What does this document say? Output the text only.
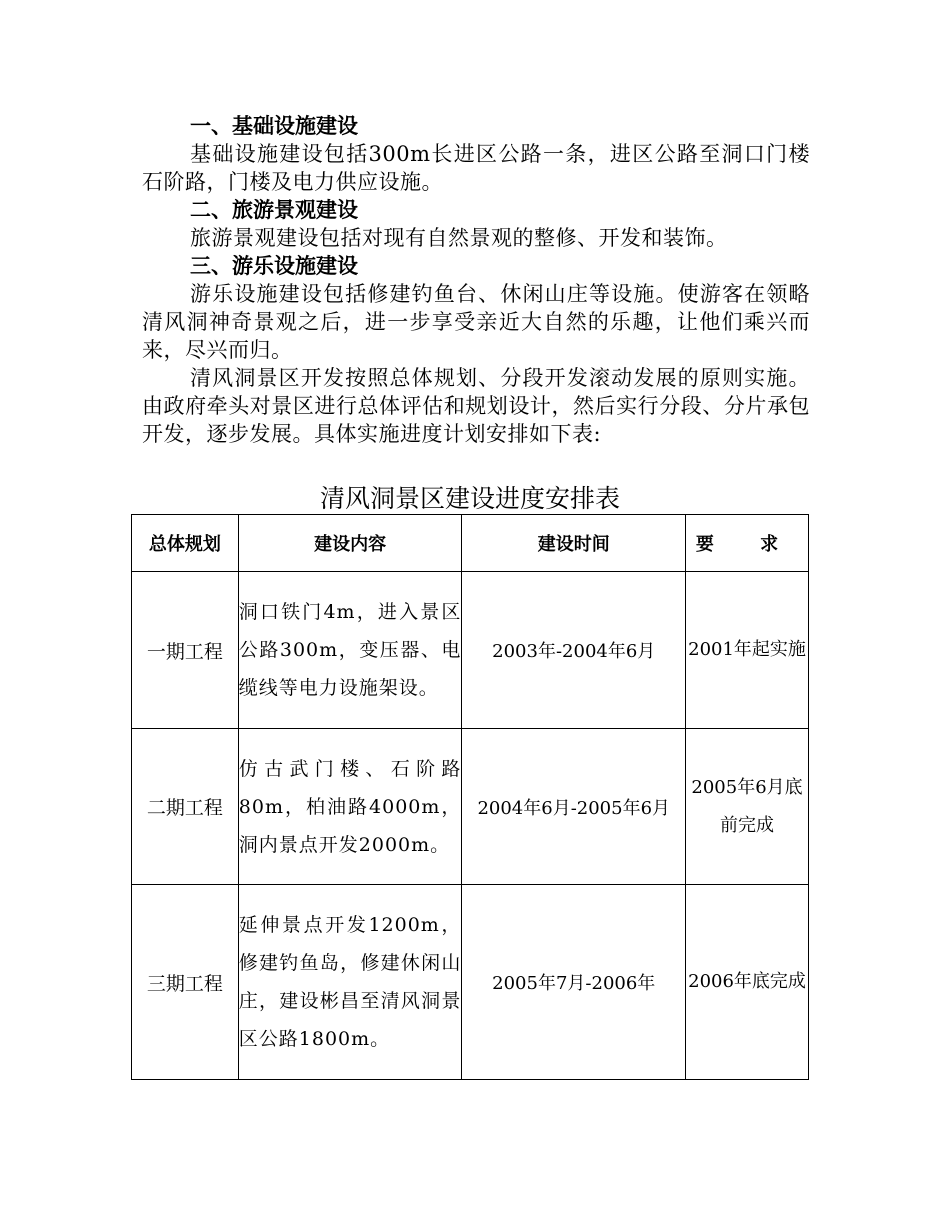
一、基础设施建设

基础设施建设包括300m长进区公路一条，进区公路至洞口门楼石阶路，门楼及电力供应设施。

二、旅游景观建设

旅游景观建设包括对现有自然景观的整修、开发和装饰。

三、游乐设施建设

游乐设施建设包括修建钓鱼台、休闲山庄等设施。使游客在领略清风洞神奇景观之后，进一步享受亲近大自然的乐趣，让他们乘兴而来，尽兴而归。

清风洞景区开发按照总体规划、分段开发滚动发展的原则实施。由政府牵头对景区进行总体评估和规划设计，然后实行分段、分片承包开发，逐步发展。具体实施进度计划安排如下表:

清风洞景区建设进度安排表

总体规划	建设内容	建设时间	要 求
一期工程	洞口铁门4m，进入景区公路300m，变压器、电缆线等电力设施架设。	2003年-2004年6月	2001年起实施
二期工程	仿古武门楼、石阶路80m，柏油路4000m，洞内景点开发2000m。	2004年6月-2005年6月	2005年6月底前完成
三期工程	延伸景点开发1200m，修建钓鱼岛，修建休闲山庄，建设彬昌至清风洞景区公路1800m。	2005年7月-2006年	2006年底完成
